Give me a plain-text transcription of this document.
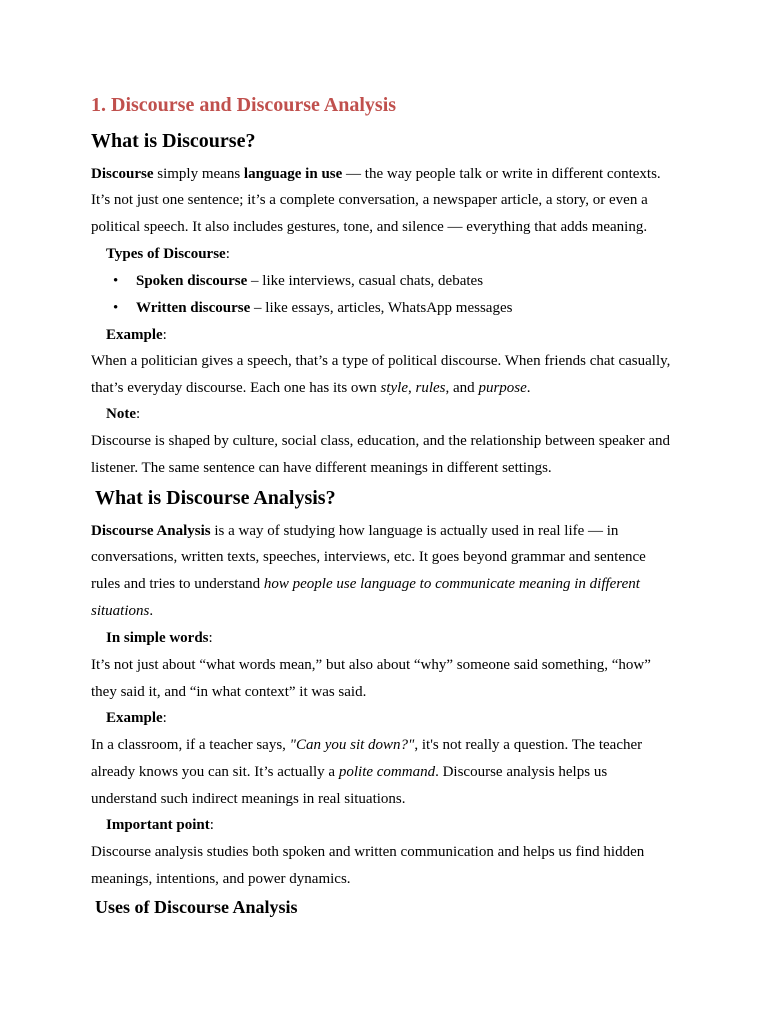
1. Discourse and Discourse Analysis
What is Discourse?
Discourse simply means language in use — the way people talk or write in different contexts.
It’s not just one sentence; it’s a complete conversation, a newspaper article, a story, or even a
political speech. It also includes gestures, tone, and silence — everything that adds meaning.
Types of Discourse:
• Spoken discourse – like interviews, casual chats, debates
• Written discourse – like essays, articles, WhatsApp messages
Example:
When a politician gives a speech, that’s a type of political discourse. When friends chat casually,
that’s everyday discourse. Each one has its own style, rules, and purpose.
Note:
Discourse is shaped by culture, social class, education, and the relationship between speaker and
listener. The same sentence can have different meanings in different settings.
What is Discourse Analysis?
Discourse Analysis is a way of studying how language is actually used in real life — in
conversations, written texts, speeches, interviews, etc. It goes beyond grammar and sentence
rules and tries to understand how people use language to communicate meaning in different
situations.
In simple words:
It’s not just about “what words mean,” but also about “why” someone said something, “how”
they said it, and “in what context” it was said.
Example:
In a classroom, if a teacher says, "Can you sit down?", it's not really a question. The teacher
already knows you can sit. It’s actually a polite command. Discourse analysis helps us
understand such indirect meanings in real situations.
Important point:
Discourse analysis studies both spoken and written communication and helps us find hidden
meanings, intentions, and power dynamics.
Uses of Discourse Analysis
